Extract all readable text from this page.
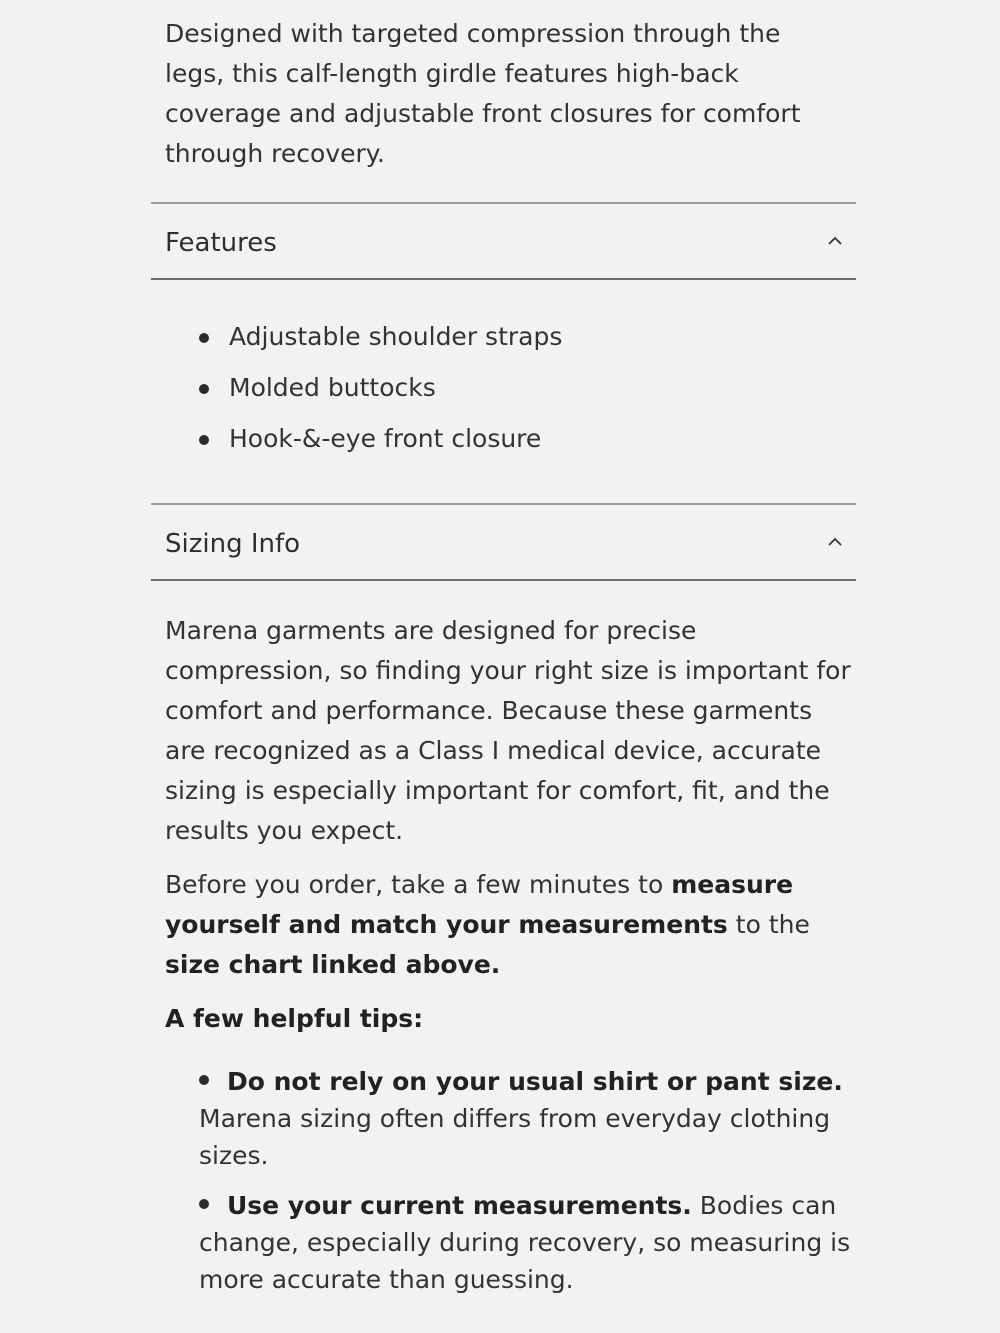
Designed with targeted compression through the legs, this calf-length girdle features high-back coverage and adjustable front closures for comfort through recovery.

Features
Adjustable shoulder straps
Molded buttocks
Hook-&-eye front closure
Sizing Info

Marena garments are designed for precise compression, so finding your right size is important for comfort and performance. Because these garments are recognized as a Class I medical device, accurate sizing is especially important for comfort, fit, and the results you expect.

Before you order, take a few minutes to measure yourself and match your measurements to the size chart linked above.

A few helpful tips:

Do not rely on your usual shirt or pant size. Marena sizing often differs from everyday clothing sizes.
Use your current measurements. Bodies can change, especially during recovery, so measuring is more accurate than guessing.
